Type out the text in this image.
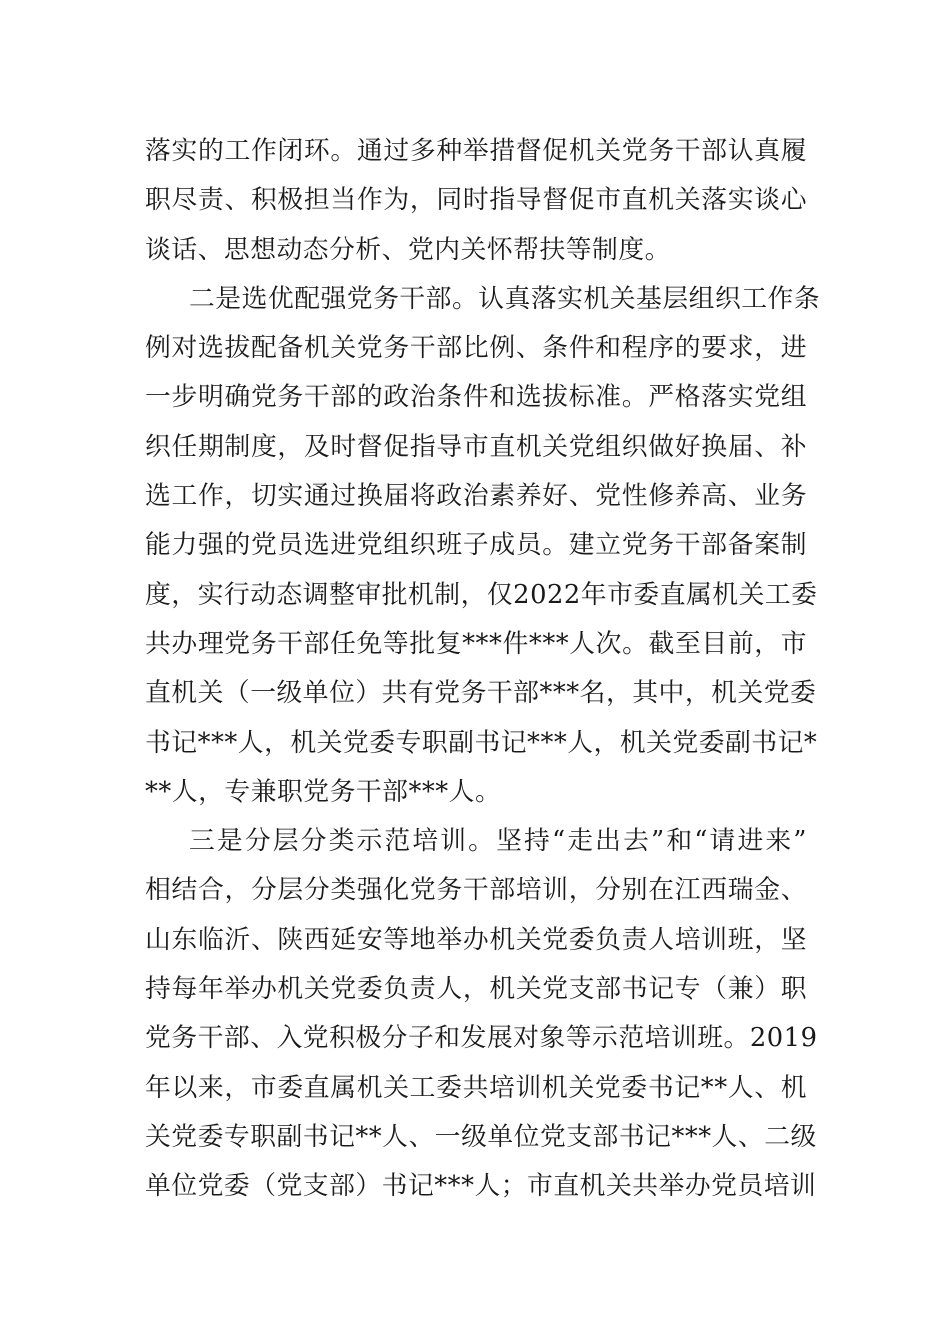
落实的工作闭环。通过多种举措督促机关党务干部认真履
职尽责、积极担当作为，同时指导督促市直机关落实谈心
谈话、思想动态分析、党内关怀帮扶等制度。
二是选优配强党务干部。认真落实机关基层组织工作条
例对选拔配备机关党务干部比例、条件和程序的要求，进
一步明确党务干部的政治条件和选拔标准。严格落实党组
织任期制度，及时督促指导市直机关党组织做好换届、补
选工作，切实通过换届将政治素养好、党性修养高、业务
能力强的党员选进党组织班子成员。建立党务干部备案制
度，实行动态调整审批机制，仅2022年市委直属机关工委
共办理党务干部任免等批复***件***人次。截至目前，市
直机关（一级单位）共有党务干部***名，其中，机关党委
书记***人，机关党委专职副书记***人，机关党委副书记*
**人，专兼职党务干部***人。
三是分层分类示范培训。坚持“走出去”和“请进来”
相结合，分层分类强化党务干部培训，分别在江西瑞金、
山东临沂、陕西延安等地举办机关党委负责人培训班，坚
持每年举办机关党委负责人，机关党支部书记专（兼）职
党务干部、入党积极分子和发展对象等示范培训班。2019
年以来，市委直属机关工委共培训机关党委书记**人、机
关党委专职副书记**人、一级单位党支部书记***人、二级
单位党委（党支部）书记***人；市直机关共举办党员培训
